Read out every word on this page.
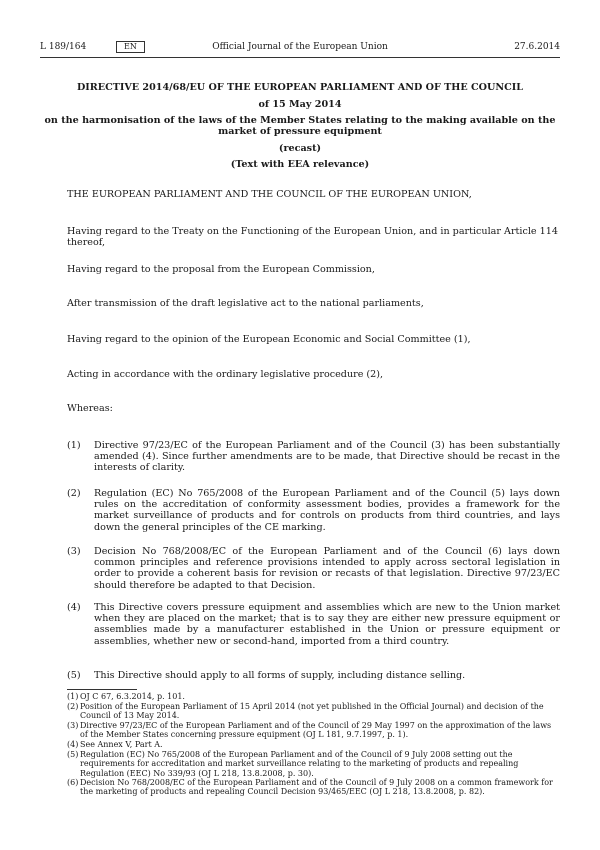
L 189/164	EN	Official Journal of the European Union	27.6.2014
DIRECTIVE 2014/68/EU OF THE EUROPEAN PARLIAMENT AND OF THE COUNCIL
of 15 May 2014
on the harmonisation of the laws of the Member States relating to the making available on the
market of pressure equipment
(recast)
(Text with EEA relevance)
THE EUROPEAN PARLIAMENT AND THE COUNCIL OF THE EUROPEAN UNION,
Having regard to the Treaty on the Functioning of the European Union, and in particular Article 114 thereof,
Having regard to the proposal from the European Commission,
After transmission of the draft legislative act to the national parliaments,
Having regard to the opinion of the European Economic and Social Committee (1),
Acting in accordance with the ordinary legislative procedure (2),
Whereas:
(1) Directive 97/23/EC of the European Parliament and of the Council (3) has been substantially amended (4). Since further amendments are to be made, that Directive should be recast in the interests of clarity.
(2) Regulation (EC) No 765/2008 of the European Parliament and of the Council (5) lays down rules on the accreditation of conformity assessment bodies, provides a framework for the market surveillance of products and for controls on products from third countries, and lays down the general principles of the CE marking.
(3) Decision No 768/2008/EC of the European Parliament and of the Council (6) lays down common principles and reference provisions intended to apply across sectoral legislation in order to provide a coherent basis for revision or recasts of that legislation. Directive 97/23/EC should therefore be adapted to that Decision.
(4) This Directive covers pressure equipment and assemblies which are new to the Union market when they are placed on the market; that is to say they are either new pressure equipment or assemblies made by a manufacturer established in the Union or pressure equipment or assemblies, whether new or second-hand, imported from a third country.
(5) This Directive should apply to all forms of supply, including distance selling.
(1) OJ C 67, 6.3.2014, p. 101.
(2) Position of the European Parliament of 15 April 2014 (not yet published in the Official Journal) and decision of the Council of 13 May 2014.
(3) Directive 97/23/EC of the European Parliament and of the Council of 29 May 1997 on the approximation of the laws of the Member States concerning pressure equipment (OJ L 181, 9.7.1997, p. 1).
(4) See Annex V, Part A.
(5) Regulation (EC) No 765/2008 of the European Parliament and of the Council of 9 July 2008 setting out the requirements for accreditation and market surveillance relating to the marketing of products and repealing Regulation (EEC) No 339/93 (OJ L 218, 13.8.2008, p. 30).
(6) Decision No 768/2008/EC of the European Parliament and of the Council of 9 July 2008 on a common framework for the marketing of products and repealing Council Decision 93/465/EEC (OJ L 218, 13.8.2008, p. 82).
